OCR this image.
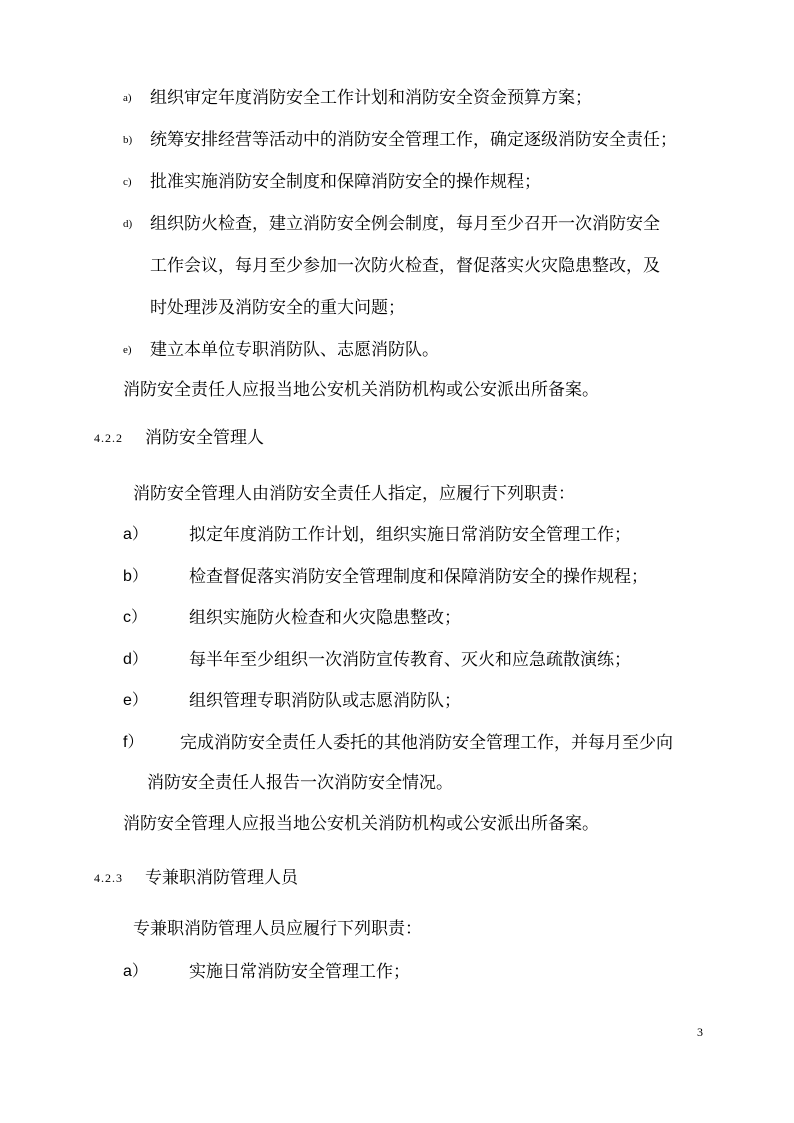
a) 组织审定年度消防安全工作计划和消防安全资金预算方案；
b) 统筹安排经营等活动中的消防安全管理工作，确定逐级消防安全责任；
c) 批准实施消防安全制度和保障消防安全的操作规程；
d) 组织防火检查，建立消防安全例会制度，每月至少召开一次消防安全
工作会议，每月至少参加一次防火检查，督促落实火灾隐患整改，及
时处理涉及消防安全的重大问题；
e) 建立本单位专职消防队、志愿消防队。
消防安全责任人应报当地公安机关消防机构或公安派出所备案。
4.2.2 消防安全管理人
消防安全管理人由消防安全责任人指定，应履行下列职责：
a） 拟定年度消防工作计划，组织实施日常消防安全管理工作；
b） 检查督促落实消防安全管理制度和保障消防安全的操作规程；
c） 组织实施防火检查和火灾隐患整改；
d） 每半年至少组织一次消防宣传教育、灭火和应急疏散演练；
e） 组织管理专职消防队或志愿消防队；
f） 完成消防安全责任人委托的其他消防安全管理工作，并每月至少向
消防安全责任人报告一次消防安全情况。
消防安全管理人应报当地公安机关消防机构或公安派出所备案。
4.2.3 专兼职消防管理人员
专兼职消防管理人员应履行下列职责：
a） 实施日常消防安全管理工作；
3
